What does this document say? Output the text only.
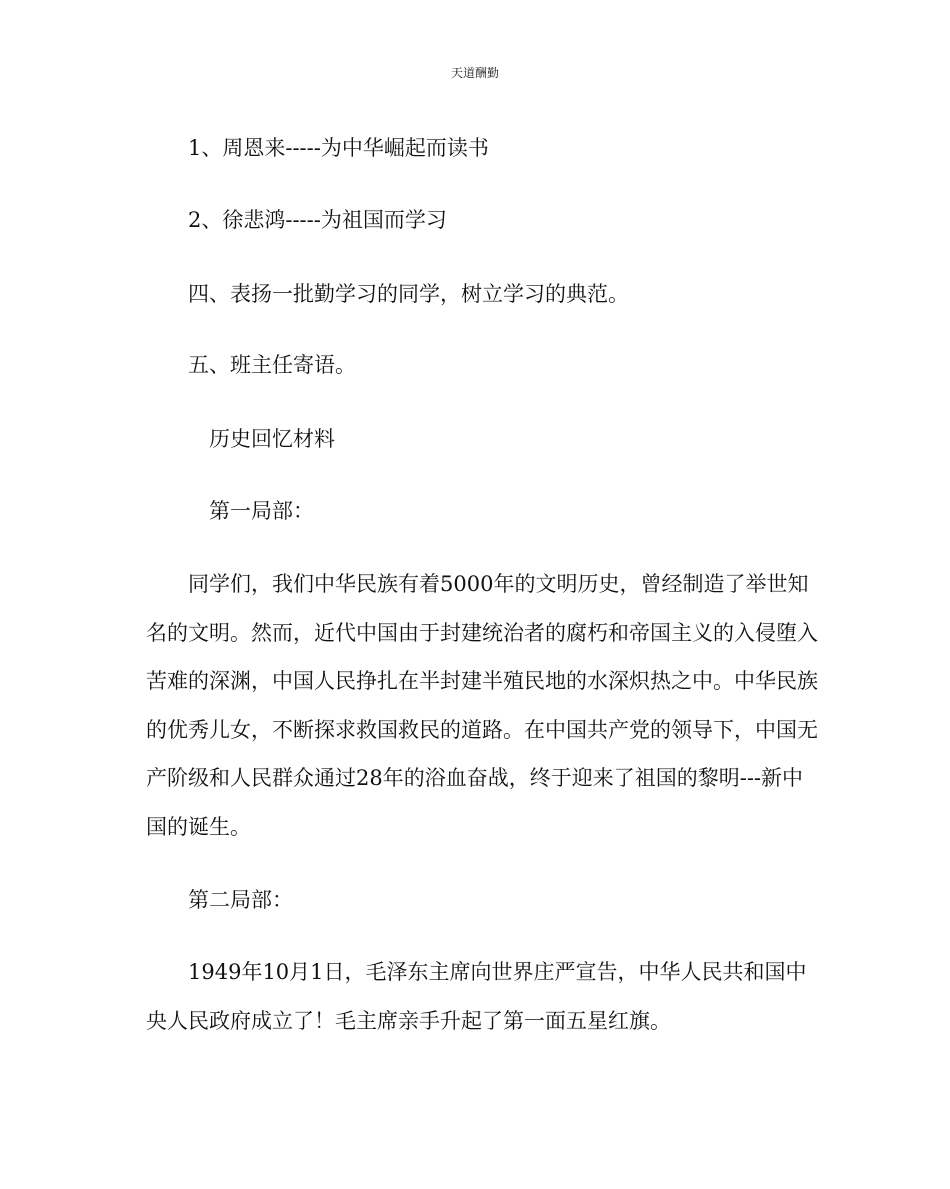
天道酬勤
1、周恩来-----为中华崛起而读书
2、徐悲鸿-----为祖国而学习
四、表扬一批勤学习的同学，树立学习的典范。
五、班主任寄语。
历史回忆材料
第一局部：
同学们，我们中华民族有着5000年的文明历史，曾经制造了举世知名的文明。然而，近代中国由于封建统治者的腐朽和帝国主义的入侵堕入苦难的深渊，中国人民挣扎在半封建半殖民地的水深炽热之中。中华民族的优秀儿女，不断探求救国救民的道路。在中国共产党的领导下，中国无产阶级和人民群众通过28年的浴血奋战，终于迎来了祖国的黎明---新中国的诞生。
第二局部：
1949年10月1日，毛泽东主席向世界庄严宣告，中华人民共和国中央人民政府成立了！毛主席亲手升起了第一面五星红旗。
